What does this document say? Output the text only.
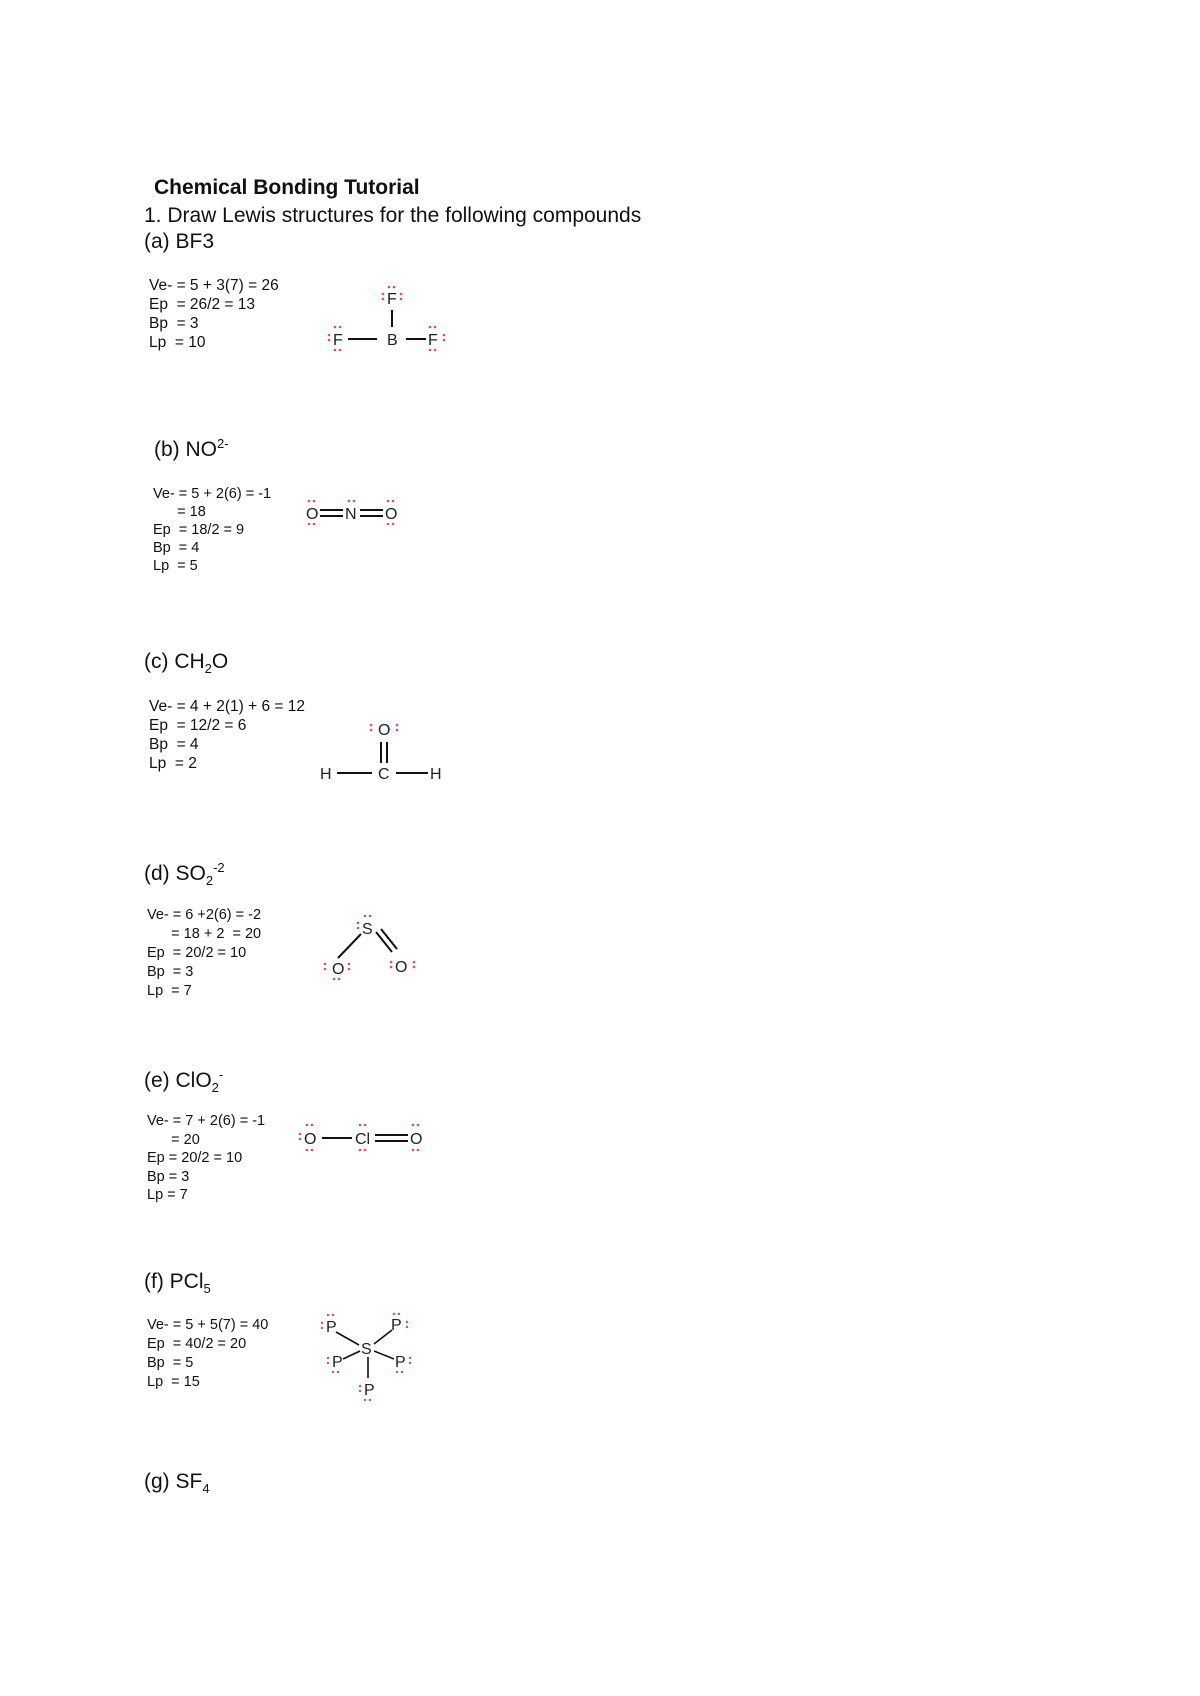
Chemical Bonding Tutorial
1. Draw Lewis structures for the following compounds
(a) BF3
Ve- = 5 + 3(7) = 26
Ep  = 26/2 = 13
Bp  = 3
Lp  = 10
F
F	B F
(b) $NO^{2-}$
Ve- = 5 + 2(6) = -1
= 18
Ep  = 18/2 = 9
Bp  = 4
Lp  = 5
O N O
(c) $CH_2O$
Ve- = 4 + 2(1) + 6 = 12
Ep  = 12/2 = 6
Bp  = 4
Lp  = 2
O
H	C	H
(d) $SO_2^{-2}$
Ve- = 6 +2(6) = -2
= 18 + 2  = 20
Ep  = 20/2 = 10
Bp  = 3
Lp  = 7
S
O	O
(e) ClO$_2$-
Ve- = 7 + 2(6) = -1
= 20
Ep = 20/2 = 10
Bp = 3
Lp = 7
O Cl O
(f) PCl$_5$
Ve- = 5 + 5(7) = 40
Ep  = 40/2 = 20
Bp  = 5
Lp  = 15
P	P
S
P	P
P
(g) $SF_4$
